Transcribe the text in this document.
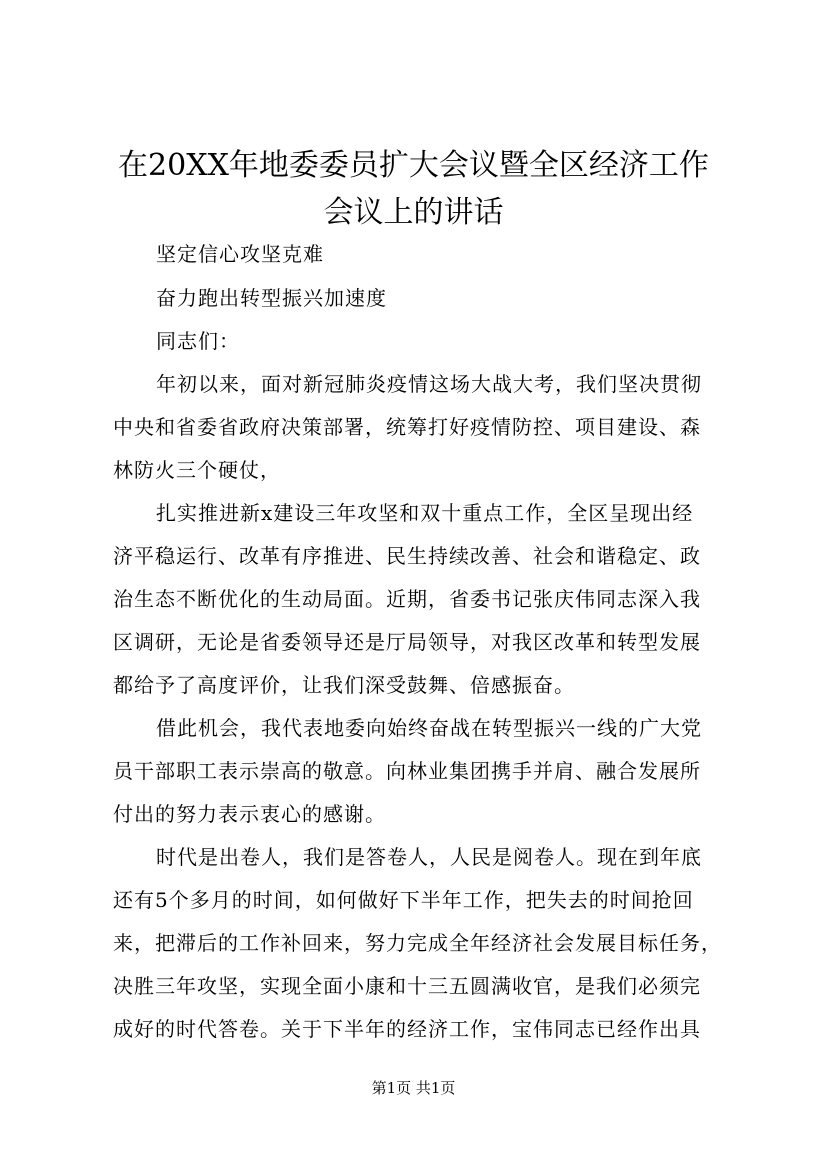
在20XX年地委委员扩大会议暨全区经济工作
会议上的讲话
坚定信心攻坚克难
奋力跑出转型振兴加速度
同志们：
年初以来，面对新冠肺炎疫情这场大战大考，我们坚决贯彻
中央和省委省政府决策部署，统筹打好疫情防控、项目建设、森
林防火三个硬仗，
扎实推进新x建设三年攻坚和双十重点工作，全区呈现出经
济平稳运行、改革有序推进、民生持续改善、社会和谐稳定、政
治生态不断优化的生动局面。近期，省委书记张庆伟同志深入我
区调研，无论是省委领导还是厅局领导，对我区改革和转型发展
都给予了高度评价，让我们深受鼓舞、倍感振奋。
借此机会，我代表地委向始终奋战在转型振兴一线的广大党
员干部职工表示崇高的敬意。向林业集团携手并肩、融合发展所
付出的努力表示衷心的感谢。
时代是出卷人，我们是答卷人，人民是阅卷人。现在到年底
还有5个多月的时间，如何做好下半年工作，把失去的时间抢回
来，把滞后的工作补回来，努力完成全年经济社会发展目标任务，
决胜三年攻坚，实现全面小康和十三五圆满收官，是我们必须完
成好的时代答卷。关于下半年的经济工作，宝伟同志已经作出具
第1页 共1页
